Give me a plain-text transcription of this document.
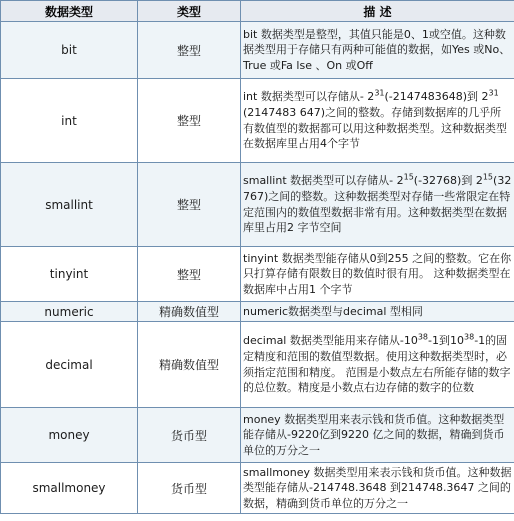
数据类型	类型	描 述
bit	整型	bit 数据类型是整型，其值只能是0、1或空值。这种数据类型用于存储只有两种可能值的数据，如Yes 或No、True 或Fa lse 、On 或Off
int	整型	int 数据类型可以存储从- $2^{31}(-2147483648)$到 $2^{31}$ (2147483 647)之间的整数。存储到数据库的几乎所有数值型的数据都可以用这种数据类型。这种数据类型在数据库里占用4个字节
smallint	整型	smallint 数据类型可以存储从- $2^{15}(-32768)$到 $2^{15}(32767)$之间的整数。这种数据类型对存储一些常限定在特定范围内的数值型数据非常有用。这种数据类型在数据库里占用2 字节空间
tinyint	整型	tinyint 数据类型能存储从0到255 之间的整数。它在你只打算存储有限数目的数值时很有用。 这种数据类型在数据库中占用1 个字节
numeric	精确数值型	numeric数据类型与decimal 型相同
decimal	精确数值型	decimal 数据类型能用来存储从$-10^{38}-1$到$10^{38}-1$的固定精度和范围的数值型数据。使用这种数据类型时，必须指定范围和精度。 范围是小数点左右所能存储的数字的总位数。精度是小数点右边存储的数字的位数
money	货币型	money 数据类型用来表示钱和货币值。这种数据类型能存储从-9220亿到9220 亿之间的数据，精确到货币单位的万分之一
smallmoney	货币型	smallmoney 数据类型用来表示钱和货币值。这种数据类型能存储从-214748.3648 到214748.3647 之间的数据，精确到货币单位的万分之一
